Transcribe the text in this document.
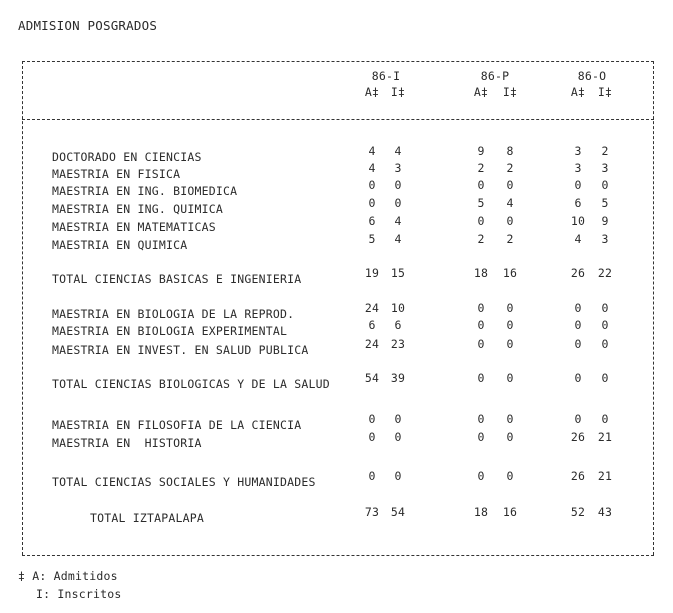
ADMISION POSGRADOS
86-I
A‡	I‡
86-P
A‡	I‡
86-O
A‡	I‡
DOCTORADO EN CIENCIAS	4	4	9	8	3	2
MAESTRIA EN FISICA	4	3	2	2	3	3
MAESTRIA EN ING. BIOMEDICA	0	0	0	0	0	0
MAESTRIA EN ING. QUIMICA	0	0	5	4	6	5
MAESTRIA EN MATEMATICAS	6	4	0	0	10	9
MAESTRIA EN QUIMICA	5	4	2	2	4	3
TOTAL CIENCIAS BASICAS E INGENIERIA	19	15	18	16	26	22
MAESTRIA EN BIOLOGIA DE LA REPROD.	24	10	0	0	0	0
MAESTRIA EN BIOLOGIA EXPERIMENTAL	6	6	0	0	0	0
MAESTRIA EN INVEST. EN SALUD PUBLICA	24	23	0	0	0	0
TOTAL CIENCIAS BIOLOGICAS Y DE LA SALUD	54	39	0	0	0	0
MAESTRIA EN FILOSOFIA DE LA CIENCIA	0	0	0	0	0	0
MAESTRIA EN  HISTORIA	0	0	0	0	26	21
TOTAL CIENCIAS SOCIALES Y HUMANIDADES	0	0	0	0	26	21
TOTAL IZTAPALAPA	73	54	18	16	52	43
‡ A: Admitidos
I: Inscritos
